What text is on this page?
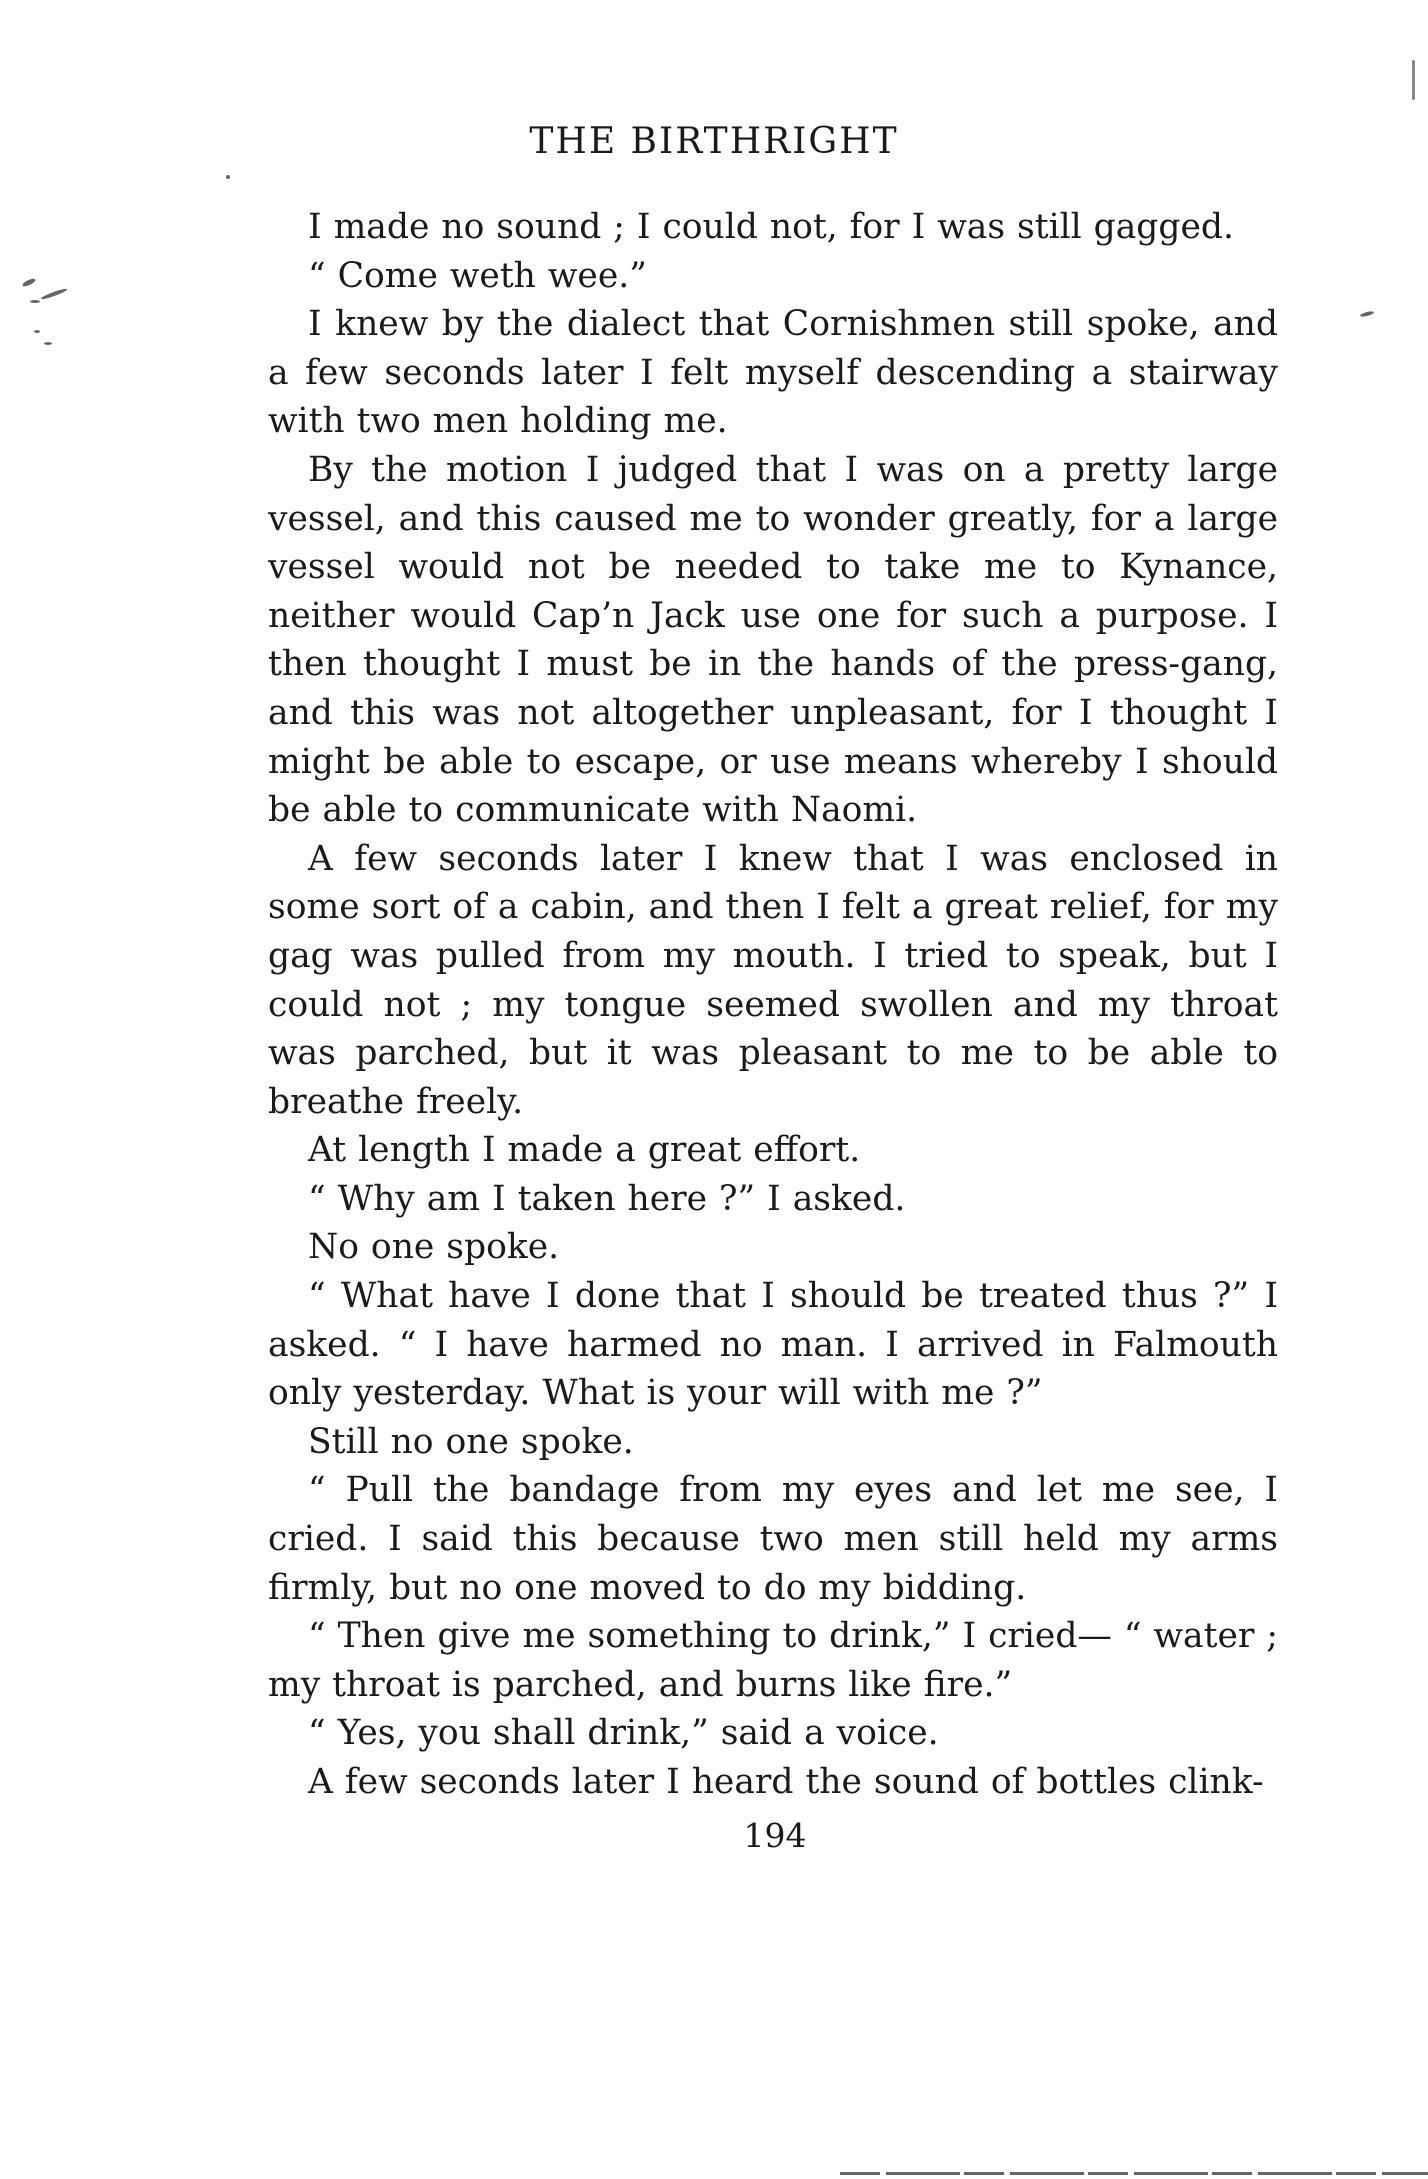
THE BIRTHRIGHT

I made no sound ; I could not, for I was still gagged.

“ Come weth wee.”

I knew by the dialect that Cornishmen still spoke, and a few seconds later I felt myself descending a stairway with two men holding me.

By the motion I judged that I was on a pretty large vessel, and this caused me to wonder greatly, for a large vessel would not be needed to take me to Kynance, neither would Cap’n Jack use one for such a purpose. I then thought I must be in the hands of the press-gang, and this was not altogether unpleasant, for I thought I might be able to escape, or use means whereby I should be able to communicate with Naomi.

A few seconds later I knew that I was enclosed in some sort of a cabin, and then I felt a great relief, for my gag was pulled from my mouth. I tried to speak, but I could not ; my tongue seemed swollen and my throat was parched, but it was pleasant to me to be able to breathe freely.

At length I made a great effort.

“ Why am I taken here ?” I asked.

No one spoke.

“ What have I done that I should be treated thus ?” I asked. “ I have harmed no man. I arrived in Falmouth only yesterday. What is your will with me ?”

Still no one spoke.

“ Pull the bandage from my eyes and let me see, I cried. I said this because two men still held my arms firmly, but no one moved to do my bidding.

“ Then give me something to drink,” I cried— “ water ; my throat is parched, and burns like fire.”

“ Yes, you shall drink,” said a voice.

A few seconds later I heard the sound of bottles clink-

194
